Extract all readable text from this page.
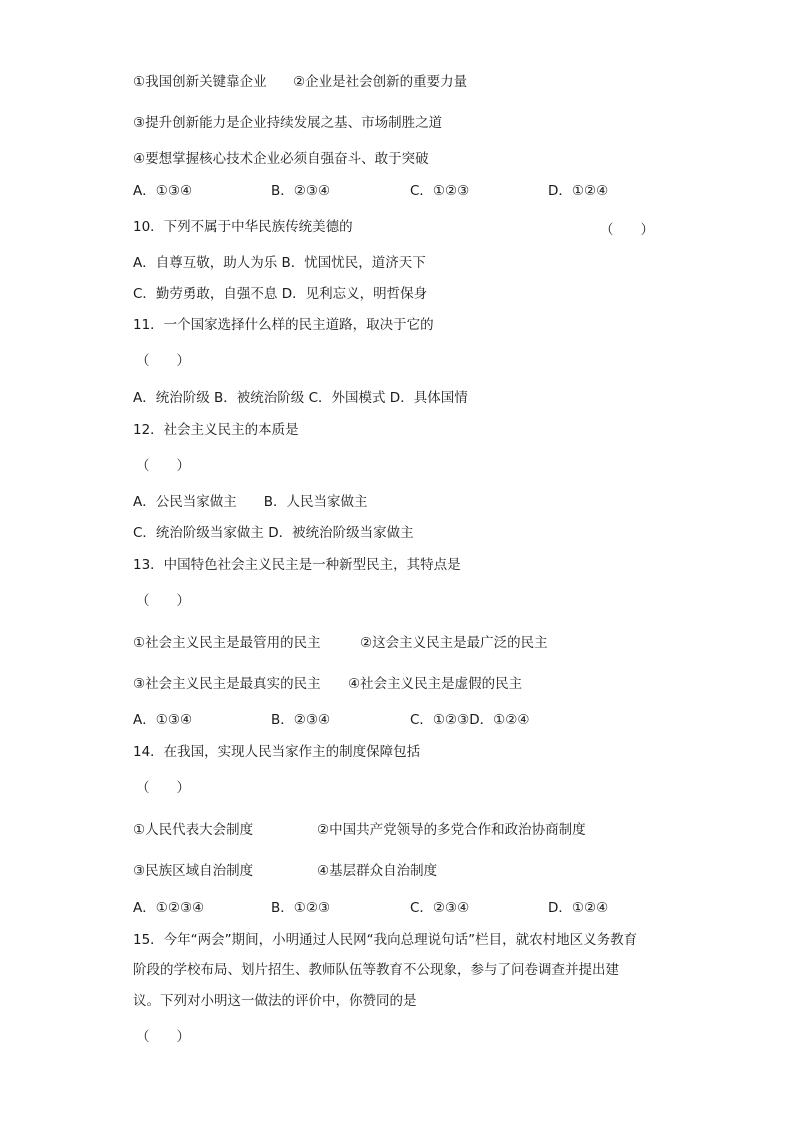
①我国创新关键靠企业 ②企业是社会创新的重要力量
③提升创新能力是企业持续发展之基、市场制胜之道
④要想掌握核心技术企业必须自强奋斗、敢于突破
A．①③④	B．②③④	C．①②③	D．①②④
10．下列不属于中华民族传统美德的	（　　）
A．自尊互敬，助人为乐 B．忧国忧民，道济天下
C．勤劳勇敢，自强不息 D．见利忘义，明哲保身
11．一个国家选择什么样的民主道路，取决于它的
（　　）
A．统治阶级 B．被统治阶级 C．外国模式 D．具体国情
12．社会主义民主的本质是
（　　）
A．公民当家做主　　B．人民当家做主
C．统治阶级当家做主 D．被统治阶级当家做主
13．中国特色社会主义民主是一种新型民主，其特点是
（　　）
①社会主义民主是最管用的民主	②这会主义民主是最广泛的民主
③社会主义民主是最真实的民主 ④社会主义民主是虚假的民主
A．①③④	B．②③④	C．①②③D．①②④
14．在我国，实现人民当家作主的制度保障包括
（　　）
①人民代表大会制度	②中国共产党领导的多党合作和政治协商制度
③民族区域自治制度	④基层群众自治制度
A．①②③④	B．①②③	C．②③④	D．①②④
15．今年“两会”期间，小明通过人民网“我向总理说句话”栏目，就农村地区义务教育
阶段的学校布局、划片招生、教师队伍等教育不公现象，参与了问卷调查并提出建
议。下列对小明这一做法的评价中，你赞同的是
（　　）
